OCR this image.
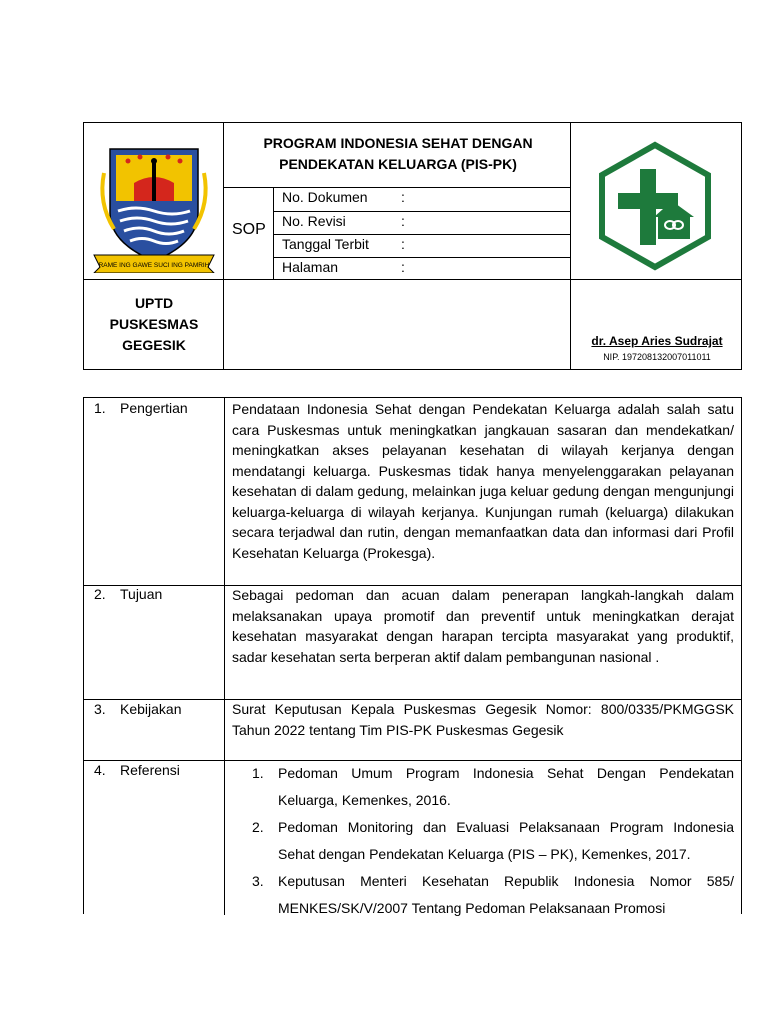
RAME ING GAWE SUCI ING PAMRIH
PROGRAM INDONESIA SEHAT DENGAN PENDEKATAN KELUARGA (PIS-PK)
SOP
No. Dokumen :
No. Revisi	:
Tanggal Terbit :
Halaman	:
UPTD
PUSKESMAS
GEGESIK	dr. Asep Aries Sudrajat
NIP. 197208132007011011
1. Pengertian	Pendataan Indonesia Sehat dengan Pendekatan Keluarga adalah salah satu cara Puskesmas untuk meningkatkan jangkauan sasaran dan mendekatkan/ meningkatkan akses pelayanan kesehatan di wilayah kerjanya dengan mendatangi keluarga. Puskesmas tidak hanya menyelenggarakan pelayanan kesehatan di dalam gedung, melainkan juga keluar gedung dengan mengunjungi keluarga-keluarga di wilayah kerjanya. Kunjungan rumah (keluarga) dilakukan secara terjadwal dan rutin, dengan memanfaatkan data dan informasi dari Profil Kesehatan Keluarga (Prokesga).
2. Tujuan	Sebagai pedoman dan acuan dalam penerapan langkah-langkah dalam melaksanakan upaya promotif dan preventif untuk meningkatkan derajat kesehatan masyarakat dengan harapan tercipta masyarakat yang produktif, sadar kesehatan serta berperan aktif dalam pembangunan nasional .
3. Kebijakan	Surat Keputusan Kepala Puskesmas Gegesik Nomor: 800/0335/PKMGGSK Tahun 2022 tentang Tim PIS-PK Puskesmas Gegesik
4. Referensi	1. Pedoman Umum Program Indonesia Sehat Dengan Pendekatan Keluarga, Kemenkes, 2016.
2. Pedoman Monitoring dan Evaluasi Pelaksanaan Program Indonesia Sehat dengan Pendekatan Keluarga (PIS – PK), Kemenkes, 2017.
3. Keputusan Menteri Kesehatan Republik Indonesia Nomor 585/ MENKES/SK/V/2007 Tentang Pedoman Pelaksanaan Promosi
